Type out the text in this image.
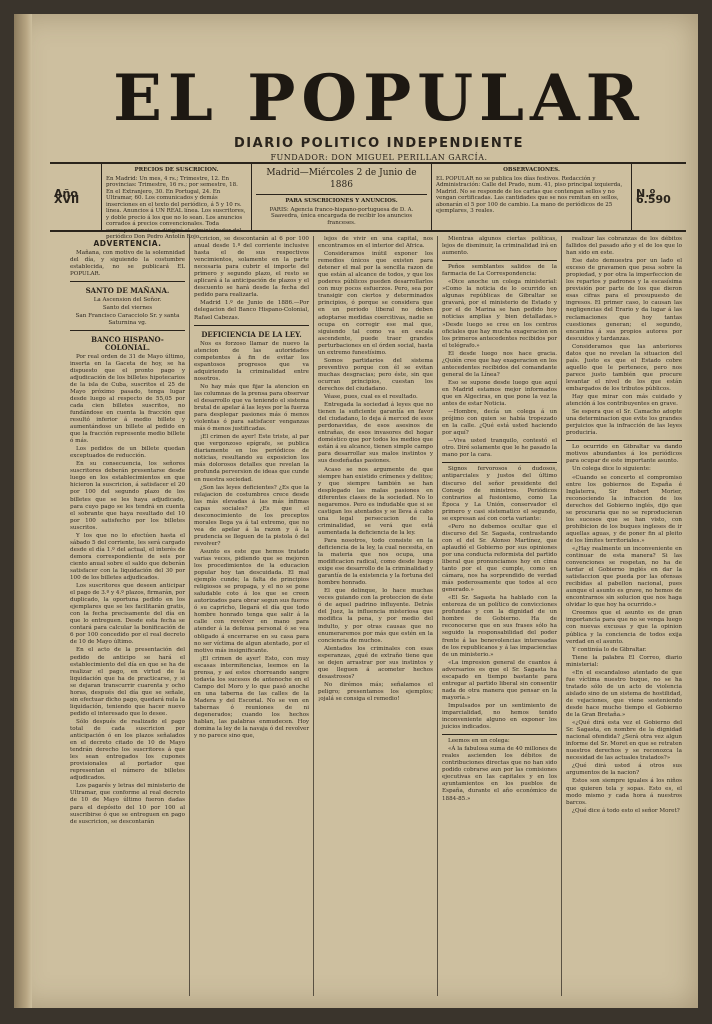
EL POPULAR
DIARIO POLITICO INDEPENDIENTE
FUNDADOR: DON MIGUEL PERILLAN GARCÍA.
Año XVII
PRECIOS DE SUSCRICION.
En Madrid: Un mes, 4 rs.; Trimestre, 12. En provincias: Trimestre, 16 rs.; por semestre, 18. En el Extranjero, 30. En Portugal, 24. En Ultramar, 60. Los comunicados y demás inserciones en el texto del periódico, á 5 y 10 rs. línea. Anuncios á UN REAL línea. Los suscritores, y doble precio á los que no lo sean. Los anuncios corrados á precios convencionales. Toda correspondencia se dirigirá al administrador del periódico Don Pedro Antolín Rojo.
Madrid—Miércoles 2 de Junio de 1886
PARA SUSCRICIONES Y ANUNCIOS.
PARIS: Agencia franco-hispano-portuguesa de D. A. Saavedra, única encargada de recibir los anuncios franceses.
OBSERVACIONES.
EL POPULAR no se publica los días festivos. Redacción y Administración: Calle del Prado, num. 41, piso principal izquierda, Madrid. No se responde de los cartas que contengan sellos y no vengan certificadas. Las cantidades que se nos remitan en sellos, abonarán el 5 por 100 de cambio. La mano de periódicos de 25 ejemplares, 3 reales.
N.º 6.590
ADVERTENCIA.

Mañana, con motivo de la solemnidad del día, y siguiendo la costumbre establecida, no se publicará EL POPULAR.

SANTO DE MAÑANA.

La Ascension del Señor.

Santo del viernes

San Francisco Caracciolo Sr. y santa Saturnina vg.

BANCO HISPANO-COLONIAL.

Por real orden de 31 de Mayo último, inserta en la Gaceta de hoy, se ha dispuesto que el pronto pago y adjudicación de los billetes hipotecarios de la isla de Cuba, suscritos el 25 de Mayo próximo pasado, tenga lugar desde luego al respecto de 55,05 por cada cien billetes suscritos, no fundándose en cuenta la fracción que resultó inferior á medio billete y aumentándose un billete al pedido en que la fracción represente medio billete ó más.

Los pedidos de un billete quedan exceptuados de reducción.

En su consecuencia, los señores suscritores deberán presentarse desde luego en los establecimientos en que hicieron la suscricion, á satisfacer el 20 por 100 del segundo plazo de los billetes que se les haya adjudicado, para cuyo pago se les tendrá en cuenta el sobrante que haya resultado del 10 por 100 satisfecho por los billetes suscritos.

Y los que no lo efectúen hasta el sábado 5 del corriente, les será cargado desde el día 1.º del actual, el interés de demora correspondiente de seis por ciento anual sobre el saldo que deberán satisfacer con la liquidación del 30 por 100 de los billetes adjudicados.

Los suscritores que deseen anticipar el pago de 3.º y 4.º plazos, firmarán, por duplicado, la oportuna pedido en los ejemplares que se les facilitarán gratis, con la fecha precisamente del día en que lo entreguen. Desde esta fecha se contará para calcular la bonificación de 6 por 100 concedido por el real decreto de 10 de Mayo último.

En el acto de la presentación del pedido de anticipo se hará el establecimiento del día en que se ha de realizar el pago, en virtud de la liquidación que ha de practicarse, y si se dejaran transcurrir cuarenta y ocho horas, después del día que se señale, sin efectuar dicho pago, quedará nula la liquidación, teniendo que hacer nuevo pedido el interesado que lo desee.

Sólo después de realizado el pago total de cada suscricion por anticipación ó en los plazos señalados en el decreto citado de 10 de Mayo tendrán derecho los suscritores á que les sean entregados los cupones provisionales al portador que representan el número de billetes adjudicados.

Los pagarés y letras del ministerio de Ultramar, que conforme al real decreto de 10 de Mayo último fueron dadas para el depósito del 10 por 100 al suscribirse ó que se entreguen en pago de suscricion, se descontarán

cricion, se descontarán al 6 por 100 anual desde 1.º del corriente inclusive hasta el de sus respectivos vencimientos, solamente en la parte necesaria para cubrir el importe del primero y segundo plazo, el resto se aplicará á la anticipación de plazos y el descuento se hará desde la fecha del pedido para realizarla.

Madrid 1.º de Junio de 1886.—Por delegacion del Banco Hispano-Colonial, Rafael Cabezas.

DEFICIENCIA DE LA LEY.

Nos es forzoso llamar de nuevo la atencion de las autoridades competentes á fin de evitar los espantosos progresos que va adquiriendo la criminalidad entre nosotros.

No hay más que fijar la atencion en las columnas de la prensa para observar el desarrollo que va teniendo el sistema brutal de apelar á las leyes por la fuerza para desplegar pasiones más ó menos violentas ó para satisfacer venganzas más ó menos justificadas.

¡El crimen de ayer! Este triste, al par que vergonzoso epígrafe, se publica diariamente en los periódicos de noticias, resultando su exposicion los más dolorosos detalles que revelan la profunda perversion de ideas que cunde en nuestra sociedad.

¿Son las leyes deficientes? ¿Es que la relajacion de costumbres crece desde las más elevadas á las más ínfimas capas sociales? ¿Es que el desconocimiento de los preceptos morales llega ya á tal extremo, que no vea de apelar á la razon y á la prudencia se lleguen de la pistola ó del revolver?

Asunto es este que hemos tratado varias veces, pidiendo que se mejoren los procedimientos de la educacion popular hoy tan descuidada. El mal ejemplo cunde; la falta de principios religiosos se propaga, y el no se pone saludable coto á los que se creen autorizados para obrar segun sus fueros ó su capricho, llegará el día que todo hombre honrado tenga que salir á la calle con revolver en mano para atender á la defensa personal ó se vea obligado á encerrarse en su casa para no ser víctima de algun atentado, por el motivo más insignificante.

¡El crimen de ayer! Esto, con muy escasas intermitencias, leemos en la prensa, y así estos chorreando sangre todavía los sucesos de antenoche en el Campo del Moro y lo que pasó anoche en una taberna de las calles de la Madera y del Escorial. No se ven en tabernas ó reuniones de ni degenerados; cuando los hechos hablan, las palabras enmudecen. Hoy domina la ley de la navaja ó del revolver y no parece sino que,

lejos de vivir en una capital, nos encontramos en el interior del Africa.

Consideramos inútil exponer los remedios únicos que existen para detener el mal por la sencilla razon de que están al alcance de todos, y que los poderes públicos pueden desarrollarlos con muy pocos esfuerzos. Pero, sea por transigir con ciertos y determinados principios, ó porque se considera que en un periodo liberal no deben adoptarse medidas coercitivas, nadie se ocupa en corregir ese mal que, siguiendo tal como va en escala ascendente, puede traer grandes perturbaciones en el órden social, hasta un extremo funestísimo.

Somos partidarios del sistema preventivo porque con él se evitan muchas desgracias; pero éste, sin que ocurran principios, cuestan los derechos del ciudadano.

Véase, pues, cual es el resultado.

Entregada la sociedad á leyes que no tienen la suficiente garantía en favor del ciudadano, lo deja á merced de esos perdonavidas, de esos asesinos de entrañas, de esos invasores del hogar doméstico que por todos los medios que están á su alcance, tienen simple campo para desarrollar sus malos instintos y sus desdeñadas pasiones.

Acaso se nos argumente de que siempre han existido crímenes y delitos; y que siempre también se han desplegado las malas pasiones en diferentes clases de la sociedad. No lo negaremos. Pero es indudable que si se castigan los atentados y se lleva á cabo una legal persecucion de la criminalidad, se verá que está aumentada la deficiencia de la ley.

Para nosotros, todo consiste en la deficiencia de la ley, la cual necesita, en la materia que nos ocupa, una modificacion radical, como desde luego exige ese desarrollo de la criminalidad y garantía de la existencia y la fortuna del hombre honrado.

El que delinque, lo hace muchas veces guiando con la proteccion de éste ó de aquel padrino influyente. Detrás del Juez, la influencia misteriosa que modifica la pena, y por medio del indulto, y por otras causas que no enumeraremos por más que estén en la conciencia de muchos.

Alentados los criminales con esas esperanzas, ¿qué de extraño tiene que se dejen arrastrar por sus instintos y que lleguen á acometer hechos desastrosos?

No dirémos más; señalamos el peligro; presentamos los ejemplos; ¡ojalá se consiga el remedio!

Mientras algunos ciertas políticas, lejos de disminuir, la criminalidad irá en aumento.

Peños semblantes salidos de la farmacia de La Correspondencia:

«Dice anoche un colega ministerial: »Como la noticia de lo ocurrido en algunas repúblicas de Gibraltar se gravará, por el ministerio de Estado y por el de Marina se han pedido hoy noticias amplias y bien detalladas.» »Desde luego se cree en los centros oficiales que hay mucha exageracion en los primeros antecedentes recibidos por el telégrafo.»

El desde luego nos hace gracia. ¿Quién cree que hay exageracion en los antecedentes recibidos del comandante general de la Línea?

Eso se supone desde luego que aquí en Madrid estamos mejor informados que en Algeciras, en que pone la vez la antes de estar Noticia.

—Hombre, decía un colega á un prójimo con quien se había tropezado en la calle. ¿Qué está usted haciendo por aquí?

—Viva usted tranquilo, contestó el otro. Diré solamente que le he pasado la mano por la cara.

Signos fervorosos ó dudosos, antiparciales y justos del último discurso del señor presidente del Consejo de ministros. Periódicos contrarios al fusionismo, como La Época y La Unión, conservador el primero y casi sistematico el segundo, se expresan así con corta variante:

«Pero no debemos ocultar que el discurso del Sr. Sagasta, contrastando con el del Sr. Alonso Martínez, que aplaudió el Gobierno por sus opiniones por una conducta reformista del partido liberal que pronunciamos hoy en cima tanto por el que cumple, como en cámara, nos ha sorprendido de verdad más poderosamente que todos al eco generado.»

«El Sr. Sagasta ha hablado con la entereza de un político de convicciones profundas y con la dignidad de un hombre de Gobierno. Ha de reconocerse que en sus frases sólo ha seguido la responsabilidad del poder frente á las benevolencias interesadas de los republicanos y á las impaciencias de un ministerio.»

«La impresion general de cuantos á adversarios es que el Sr. Sagasta ha escapado en tiempo bastante para entregar al partido liberal sin consentir nada de otra manera que pensar en la mayoría.»

Impulsados por un sentimiento de imparcialidad, no hemos tenido inconveniente alguno en exponer los juicios indicados.

Leemos en un colega:

«Á la fabulosa suma de 40 millones de reales ascienden los débitos de contribuciones directas que no han sido podido cobrarse aun por las comisiones ejecutivas en las capitales y en los ayuntamientos en los pueblos de España, durante el año económico de 1884-85.»

realizar las cobranzas de los débitos fallidos del pasado año y el de los que lo han sido en este.

Ese dato demuestra por un lado el exceso de gravamen que pesa sobre la propiedad, y por otra la imperfeccion de los repartos y padrones y la escasísima previsión por parte de los que dieron esas cifras para el presupuesto de ingresos. El primer caso, lo causan las negligencias del Erario y da lugar á las reclamaciones que hoy tantas cuestiones generan; el segundo, encamina á sus propios autores por descuidos y tardanzas.

Consideramos que las anteriores datos que no revelan la situacion del país. Justo es que el Estado cobre aquello que le pertenece, pero nos parece justo también que procure levantar el nivel de los que están embargados de los tributos públicos.

Hay que mirar con más cuidado y atención á los contribuyentes en grave.

Se espera que el Sr. Camacho adopte una determinacion que evite los grandes perjuicios que la infracción de las leyes produciría.

Lo ocurrido en Gibraltar va dando motivos abundantes á los periódicos para ocupar de este importante asunto.

Un colega dice lo siguiente:

«Cuando se concerto el compromiso entre los gobiernos de España é Inglaterra, Sir Robert Morier, reconociendo la infraccion de los derechos del Gobierno inglés, dijo que se procuraria que no se reproducieran los sucesos que se han visto, con prohibicion de los buques ingleses de ir aquellas aguas, y de poner fin al pleito de los límites territoriales.»

«¿Hay realmente un inconveniente en continuar de esta manera? Si las convenciones se respetan, no ha de tardar el Gobierno inglés en dar la satisfaccion que pueda por las ofensas recibidas al pabellon nacional, pues aunque el asunto es grave, no hemos de encontrarnos sin solucion que nos haga olvidar lo que hoy ha ocurrido.»

Creemos que el asunto es de gran importancia para que no se venga luego con nuevas excusas y que la opinion pública y la conciencia de todos exija verdad en el asunto.

Y continúa lo de Gibraltar.

Tiene la palabra El Correo, diario ministerial:

«En el escandaloso atentado de que fue víctima nuestro buque, no se ha tratado sólo de un acto de violencia aislado sino de un sistema de hostilidad, de vejaciones, que viene sosteniendo desde hace mucho tiempo el Gobierno de la Gran Bretaña.»

«¿Qué dirá esta vez el Gobierno del Sr. Sagasta, en nombre de la dignidad nacional ofendida? ¿Será otra vez algun informe del Sr. Moret en que se retraten nuestros derechos y se reconozca la necesidad de las actuales tratados?»

¿Qué dirá usted á otros sus argumentos de la nacion?

Estos son siempre iguales á los niños que quieren tela y sopas. Esto es, el modo mismo y cada hora á nuestros barcos.

¿Qué dice á todo esto el señor Moret?
